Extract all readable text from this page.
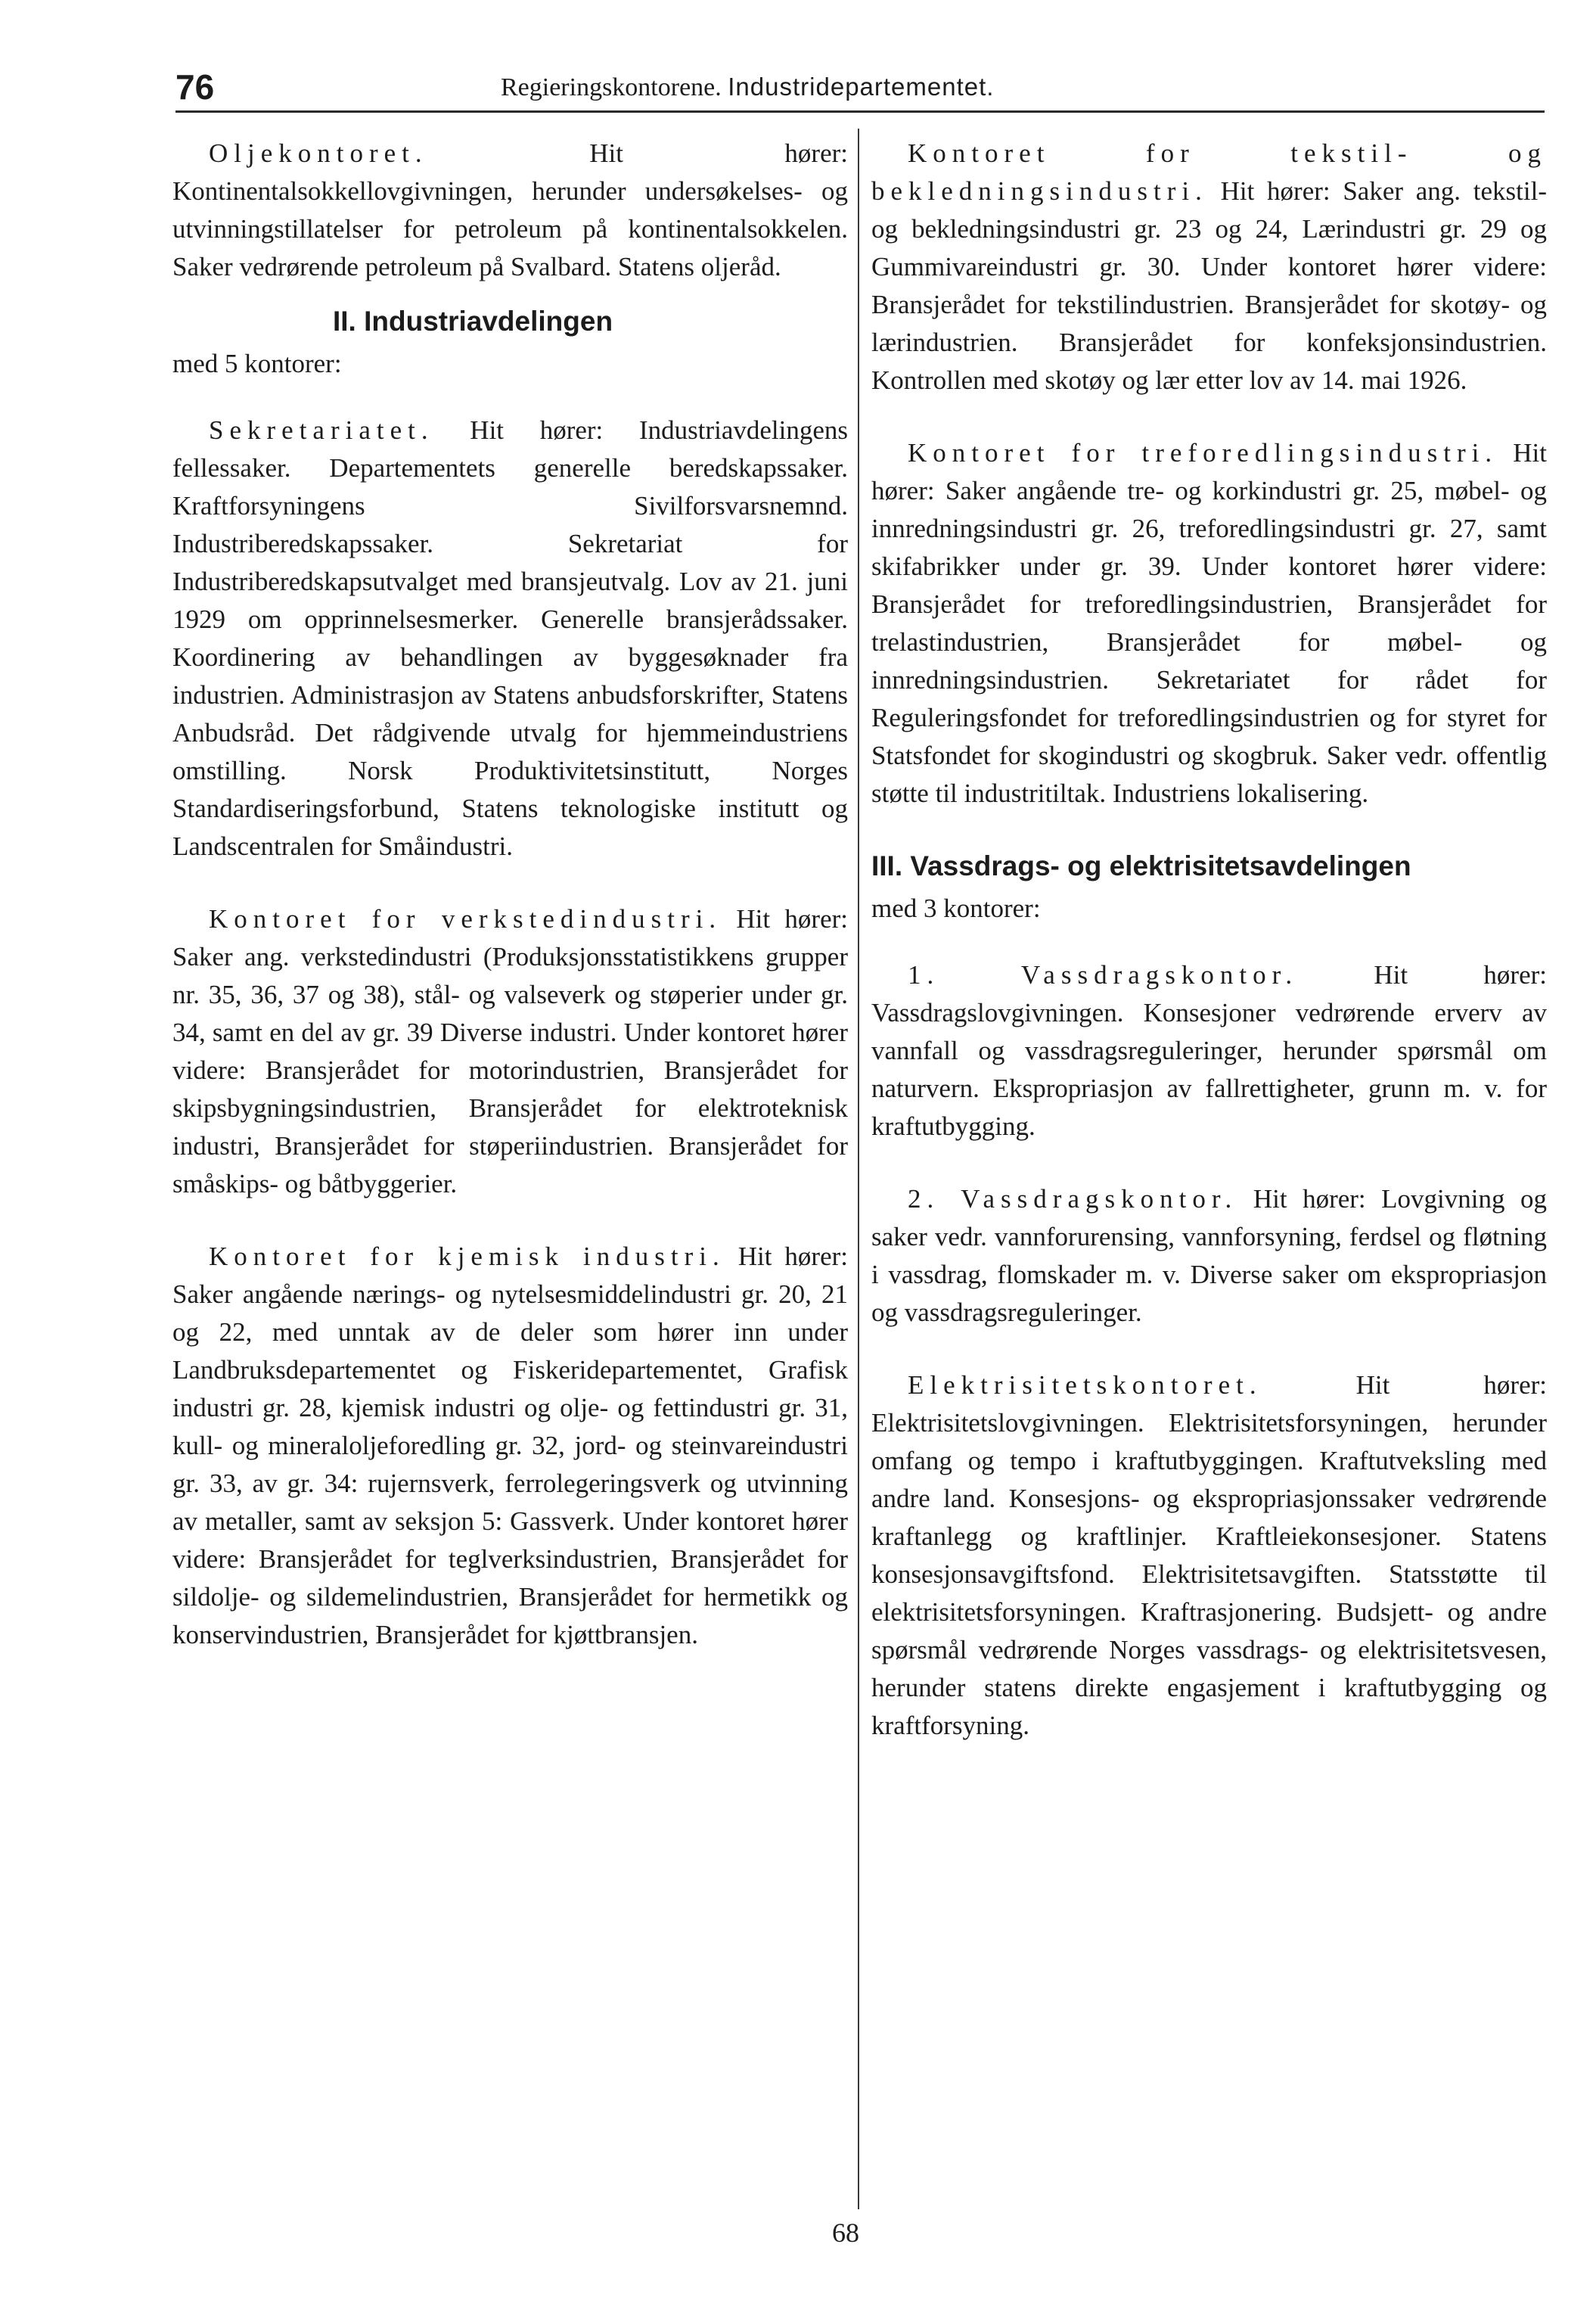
76	Regieringskontorene. Industridepartementet.

Oljekontoret.	Hit hører: Kontinentalsokkellovgivningen, herunder undersøkelses- og utvinningstillatelser for petroleum på kontinentalsokkelen. Saker vedrørende petroleum på Svalbard. Statens oljeråd.

II. Industriavdelingen

med 5 kontorer:

Sekretariatet. Hit hører: Industriavdelingens fellessaker. Departementets generelle beredskapssaker. Kraftforsyningens Sivilforsvarsnemnd. Industriberedskapssaker. Sekretariat for Industriberedskapsutvalget med bransjeutvalg. Lov av 21. juni 1929 om opprinnelsesmerker. Generelle bransjerådssaker. Koordinering av behandlingen av byggesøknader fra industrien. Administrasjon av Statens anbudsforskrifter, Statens Anbudsråd. Det rådgivende utvalg for hjemmeindustriens omstilling. Norsk Produktivitetsinstitutt, Norges Standardiseringsforbund, Statens teknologiske institutt og Landscentralen for Småindustri.

Kontoret for verkstedindustri. Hit hører: Saker ang. verkstedindustri (Produksjonsstatistikkens grupper nr. 35, 36, 37 og 38), stål- og valseverk og støperier under gr. 34, samt en del av gr. 39 Diverse industri. Under kontoret hører videre: Bransjerådet for motorindustrien, Bransjerådet for skipsbygningsindustrien, Bransjerådet for elektroteknisk industri, Bransjerådet for støperiindustrien. Bransjerådet for småskips- og båtbyggerier.

Kontoret for kjemisk industri. Hit hører: Saker angående nærings- og nytelsesmiddelindustri gr. 20, 21 og 22, med unntak av de deler som hører inn under Landbruksdepartementet og Fiskeridepartementet, Grafisk industri gr. 28, kjemisk industri og olje- og fettindustri gr. 31, kull- og mineraloljeforedling gr. 32, jord- og steinvareindustri gr. 33, av gr. 34: rujernsverk, ferrolegeringsverk og utvinning av metaller, samt av seksjon 5: Gassverk. Under kontoret hører videre: Bransjerådet for teglverksindustrien, Bransjerådet for sildolje- og sildemelindustrien, Bransjerådet for hermetikk og konservindustrien, Bransjerådet for kjøttbransjen.

Kontoret for tekstil- og bekledningsindustri. Hit hører: Saker ang. tekstil- og bekledningsindustri gr. 23 og 24, Lærindustri gr. 29 og Gummivareindustri gr. 30. Under kontoret hører videre: Bransjerådet for tekstilindustrien. Bransjerådet for skotøy- og lærindustrien. Bransjerådet for konfeksjonsindustrien. Kontrollen med skotøy og lær etter lov av 14. mai 1926.

Kontoret for treforedlingsindustri. Hit hører: Saker angående tre- og korkindustri gr. 25, møbel- og innredningsindustri gr. 26, treforedlingsindustri gr. 27, samt skifabrikker under gr. 39. Under kontoret hører videre: Bransjerådet for treforedlingsindustrien, Bransjerådet for trelastindustrien, Bransjerådet for møbel- og innredningsindustrien. Sekretariatet for rådet for Reguleringsfondet for treforedlingsindustrien og for styret for Statsfondet for skogindustri og skogbruk. Saker vedr. offentlig støtte til industritiltak. Industriens lokalisering.

III. Vassdrags- og elektrisitetsavdelingen

med 3 kontorer:

1. Vassdragskontor.	Hit hører: Vassdragslovgivningen. Konsesjoner vedrørende erverv av vannfall og vassdragsreguleringer, herunder spørsmål om naturvern. Ekspropriasjon av fallrettigheter, grunn m. v. for kraftutbygging.

2. Vassdragskontor. Hit hører: Lovgivning og saker vedr. vannforurensing, vannforsyning, ferdsel og fløtning i vassdrag, flomskader m. v. Diverse saker om ekspropriasjon og vassdragsreguleringer.

Elektrisitetskontoret.	Hit hører: Elektrisitetslovgivningen. Elektrisitetsforsyningen, herunder omfang og tempo i kraftutbyggingen. Kraftutveksling med andre land. Konsesjons- og ekspropriasjonssaker vedrørende kraftanlegg og kraftlinjer. Kraftleiekonsesjoner. Statens konsesjonsavgiftsfond. Elektrisitetsavgiften. Statsstøtte til elektrisitetsforsyningen. Kraftrasjonering. Budsjett- og andre spørsmål vedrørende Norges vassdrags- og elektrisitetsvesen, herunder statens direkte engasjement i kraftutbygging og kraftforsyning.

68
